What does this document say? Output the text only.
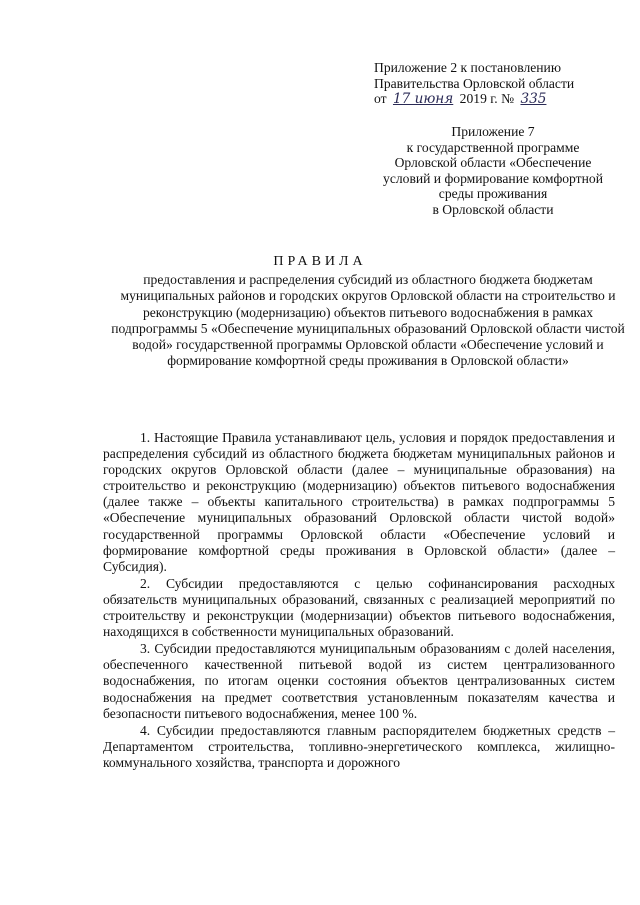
Приложение 2 к постановлению
Правительства Орловской области
от 17 июня 2019 г. № 335
Приложение 7
к государственной программе
Орловской области «Обеспечение
условий и формирование комфортной
среды проживания
в Орловской области
ПРАВИЛА
предоставления и распределения субсидий из областного бюджета бюджетам муниципальных районов и городских округов Орловской области на строительство и реконструкцию (модернизацию) объектов питьевого водоснабжения в рамках подпрограммы 5 «Обеспечение муниципальных образований Орловской области чистой водой» государственной программы Орловской области «Обеспечение условий и формирование комфортной среды проживания в Орловской области»

1. Настоящие Правила устанавливают цель, условия и порядок предоставления и распределения субсидий из областного бюджета бюджетам муниципальных районов и городских округов Орловской области (далее – муниципальные образования) на строительство и реконструкцию (модернизацию) объектов питьевого водоснабжения (далее также – объекты капитального строительства) в рамках подпрограммы 5 «Обеспечение муниципальных образований Орловской области чистой водой» государственной программы Орловской области «Обеспечение условий и формирование комфортной среды проживания в Орловской области» (далее – Субсидия).

2. Субсидии предоставляются с целью софинансирования расходных обязательств муниципальных образований, связанных с реализацией мероприятий по строительству и реконструкции (модернизации) объектов питьевого водоснабжения, находящихся в собственности муниципальных образований.

3. Субсидии предоставляются муниципальным образованиям с долей населения, обеспеченного качественной питьевой водой из систем централизованного водоснабжения, по итогам оценки состояния объектов централизованных систем водоснабжения на предмет соответствия установленным показателям качества и безопасности питьевого водоснабжения, менее 100 %.

4. Субсидии предоставляются главным распорядителем бюджетных средств – Департаментом строительства, топливно-энергетического комплекса, жилищно-коммунального хозяйства, транспорта и дорожного
